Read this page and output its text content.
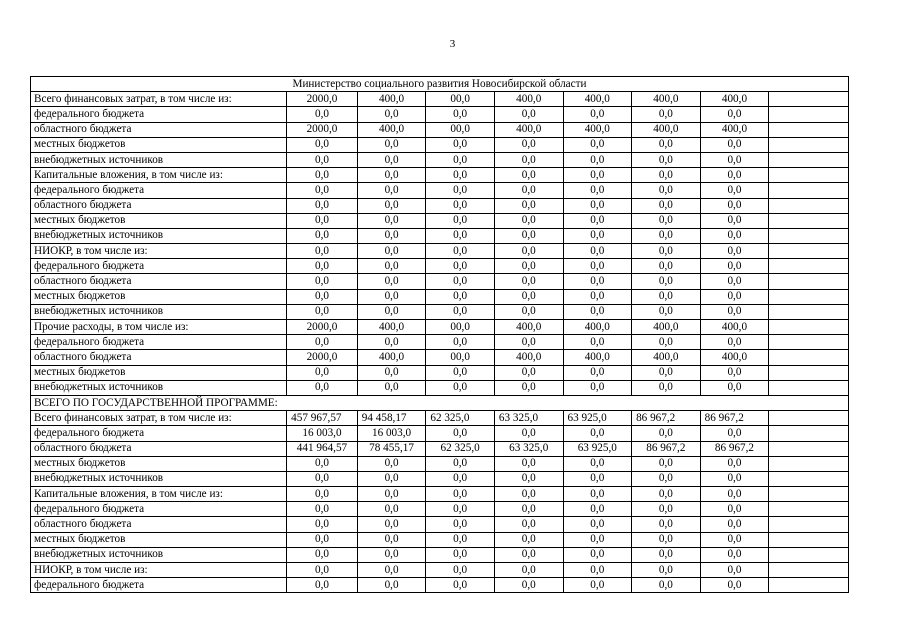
3
Министерство социального развития Новосибирской области								
Всего финансовых затрат, в том числе из:	2000,0	400,0	00,0	400,0	400,0	400,0	400,0	
федерального бюджета	0,0	0,0	0,0	0,0	0,0	0,0	0,0	
областного бюджета	2000,0	400,0	00,0	400,0	400,0	400,0	400,0	
местных бюджетов	0,0	0,0	0,0	0,0	0,0	0,0	0,0	
внебюджетных источников	0,0	0,0	0,0	0,0	0,0	0,0	0,0	
Капитальные вложения, в том числе из:	0,0	0,0	0,0	0,0	0,0	0,0	0,0	
федерального бюджета	0,0	0,0	0,0	0,0	0,0	0,0	0,0	
областного бюджета	0,0	0,0	0,0	0,0	0,0	0,0	0,0	
местных бюджетов	0,0	0,0	0,0	0,0	0,0	0,0	0,0	
внебюджетных источников	0,0	0,0	0,0	0,0	0,0	0,0	0,0	
НИОКР, в том числе из:	0,0	0,0	0,0	0,0	0,0	0,0	0,0	
федерального бюджета	0,0	0,0	0,0	0,0	0,0	0,0	0,0	
областного бюджета	0,0	0,0	0,0	0,0	0,0	0,0	0,0	
местных бюджетов	0,0	0,0	0,0	0,0	0,0	0,0	0,0	
внебюджетных источников	0,0	0,0	0,0	0,0	0,0	0,0	0,0	
Прочие расходы, в том числе из:	2000,0	400,0	00,0	400,0	400,0	400,0	400,0	
федерального бюджета	0,0	0,0	0,0	0,0	0,0	0,0	0,0	
областного бюджета	2000,0	400,0	00,0	400,0	400,0	400,0	400,0	
местных бюджетов	0,0	0,0	0,0	0,0	0,0	0,0	0,0	
внебюджетных источников	0,0	0,0	0,0	0,0	0,0	0,0	0,0	
ВСЕГО ПО ГОСУДАРСТВЕННОЙ ПРОГРАММЕ:								
Всего финансовых затрат, в том числе из:	457 967,57	94 458,17	62 325,0	63 325,0	63 925,0	86 967,2	86 967,2	
федерального бюджета	16 003,0	16 003,0	0,0	0,0	0,0	0,0	0,0	
областного бюджета	441 964,57	78 455,17	62 325,0	63 325,0	63 925,0	86 967,2	86 967,2	
местных бюджетов	0,0	0,0	0,0	0,0	0,0	0,0	0,0	
внебюджетных источников	0,0	0,0	0,0	0,0	0,0	0,0	0,0	
Капитальные вложения, в том числе из:	0,0	0,0	0,0	0,0	0,0	0,0	0,0	
федерального бюджета	0,0	0,0	0,0	0,0	0,0	0,0	0,0	
областного бюджета	0,0	0,0	0,0	0,0	0,0	0,0	0,0	
местных бюджетов	0,0	0,0	0,0	0,0	0,0	0,0	0,0	
внебюджетных источников	0,0	0,0	0,0	0,0	0,0	0,0	0,0	
НИОКР, в том числе из:	0,0	0,0	0,0	0,0	0,0	0,0	0,0	
федерального бюджета	0,0	0,0	0,0	0,0	0,0	0,0	0,0	
